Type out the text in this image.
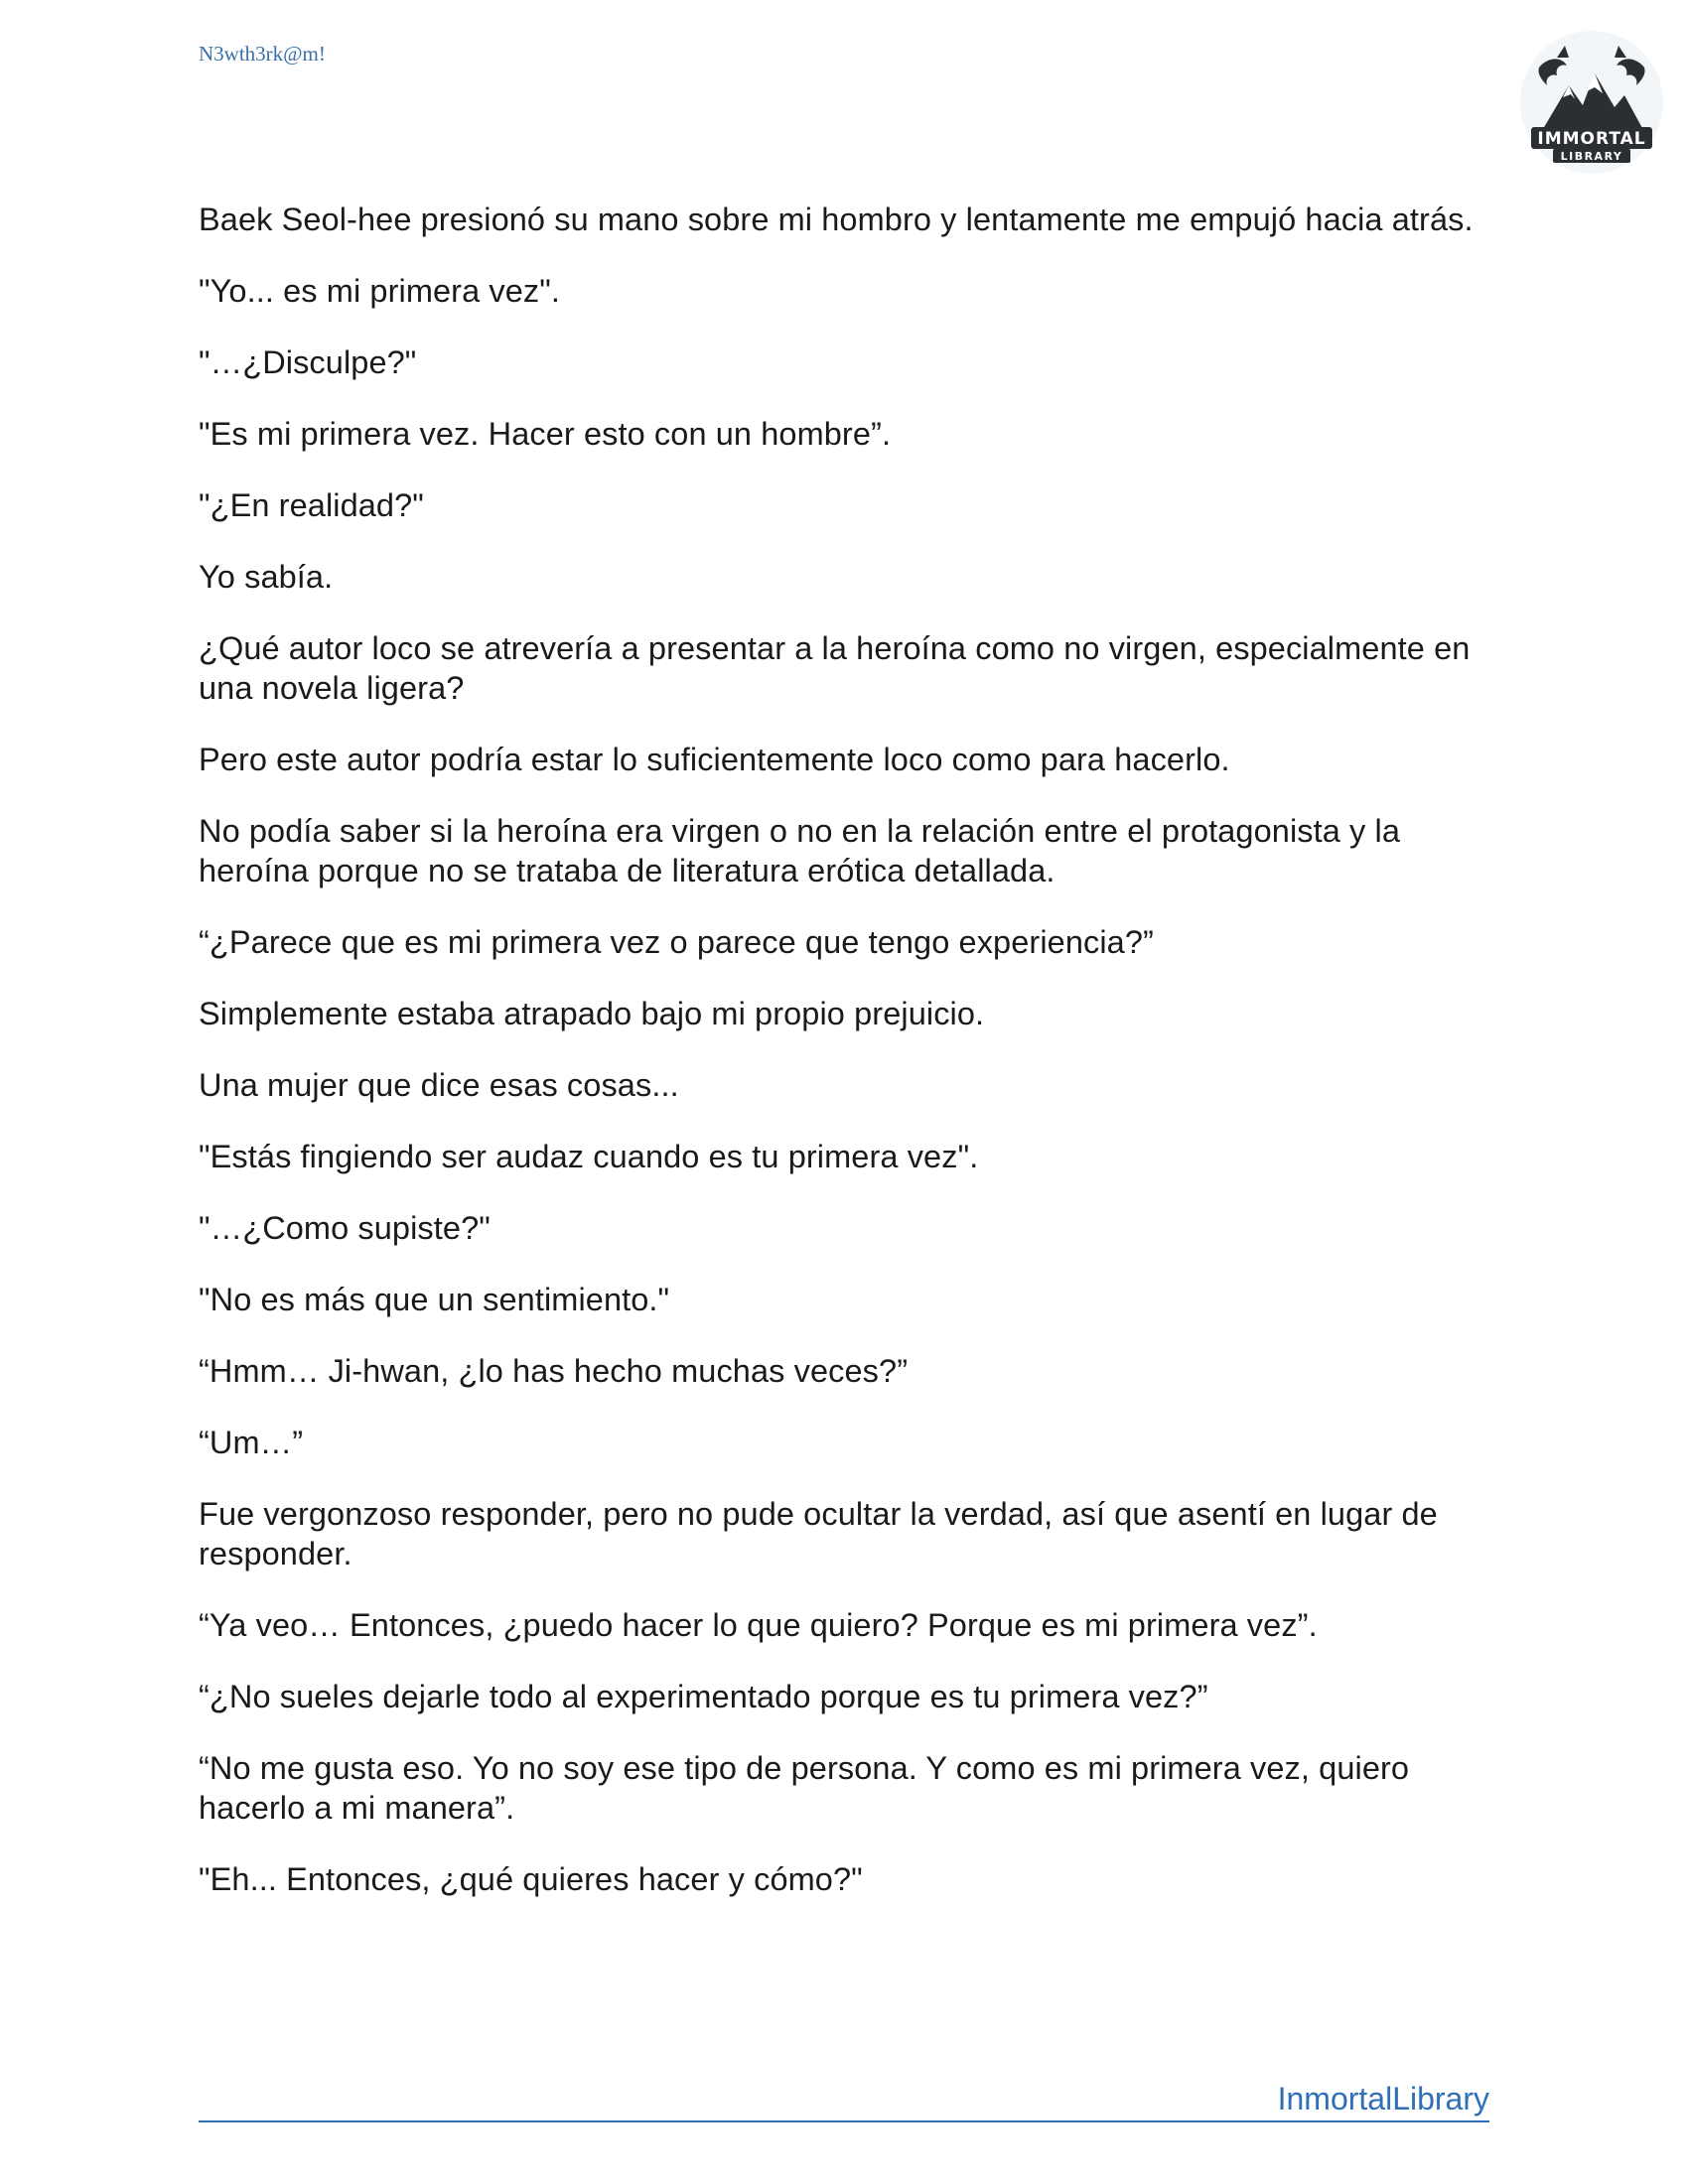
N3wth3rk@m!
IMMORTAL
LIBRARY

Baek Seol-hee presionó su mano sobre mi hombro y lentamente me empujó hacia atrás.

"Yo... es mi primera vez".

"…¿Disculpe?"

"Es mi primera vez. Hacer esto con un hombre”.

"¿En realidad?"

Yo sabía.

¿Qué autor loco se atrevería a presentar a la heroína como no virgen, especialmente en una novela ligera?

Pero este autor podría estar lo suficientemente loco como para hacerlo.

No podía saber si la heroína era virgen o no en la relación entre el protagonista y la heroína porque no se trataba de literatura erótica detallada.

“¿Parece que es mi primera vez o parece que tengo experiencia?”

Simplemente estaba atrapado bajo mi propio prejuicio.

Una mujer que dice esas cosas...

"Estás fingiendo ser audaz cuando es tu primera vez".

"…¿Como supiste?"

"No es más que un sentimiento."

“Hmm… Ji-hwan, ¿lo has hecho muchas veces?”

“Um…”

Fue vergonzoso responder, pero no pude ocultar la verdad, así que asentí en lugar de responder.

“Ya veo… Entonces, ¿puedo hacer lo que quiero? Porque es mi primera vez”.

“¿No sueles dejarle todo al experimentado porque es tu primera vez?”

“No me gusta eso. Yo no soy ese tipo de persona. Y como es mi primera vez, quiero hacerlo a mi manera”.

"Eh... Entonces, ¿qué quieres hacer y cómo?"

InmortalLibrary
